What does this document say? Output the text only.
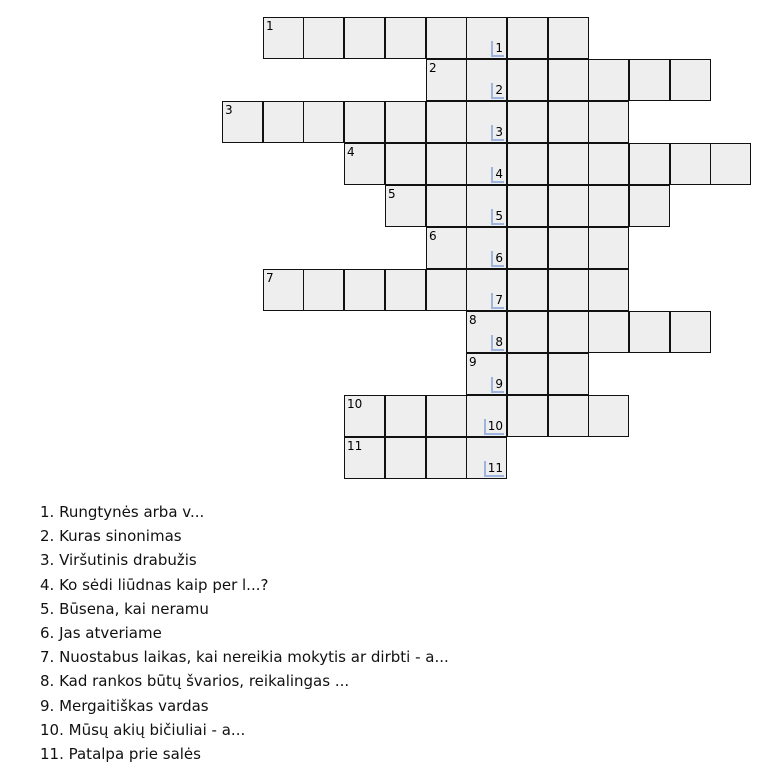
1
1
2
2
3
3
4
4
5
5
6
6
7
7
8
8
9
9
10
10
11
11
1. Rungtynės arba v...
2. Kuras sinonimas
3. Viršutinis drabužis
4. Ko sėdi liūdnas kaip per l...?
5. Būsena, kai neramu
6. Jas atveriame
7. Nuostabus laikas, kai nereikia mokytis ar dirbti - a...
8. Kad rankos būtų švarios, reikalingas ...
9. Mergaitiškas vardas
10. Mūsų akių bičiuliai - a...
11. Patalpa prie salės
